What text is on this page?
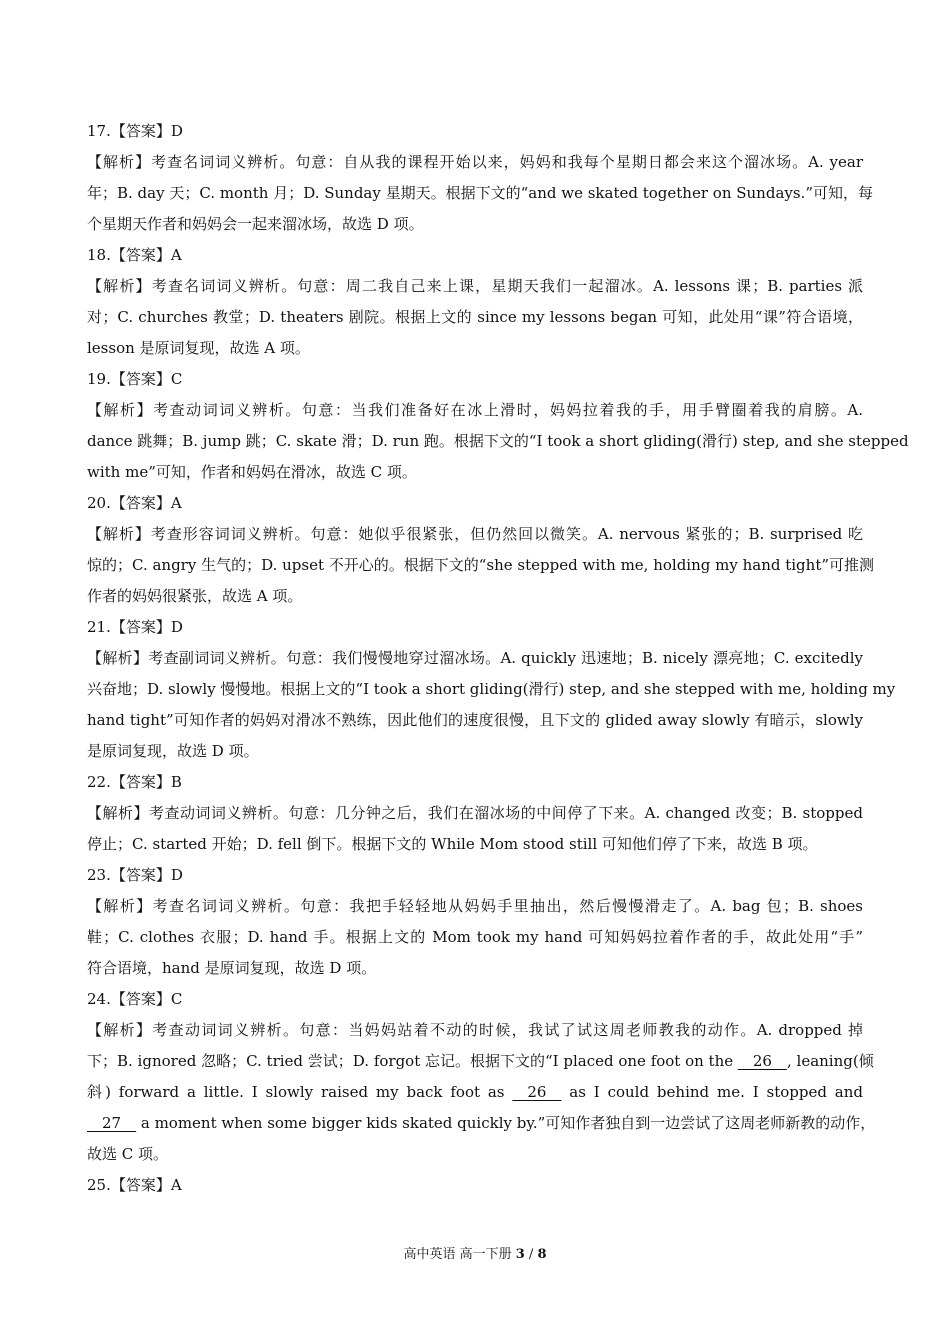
17.【答案】D
【解析】考查名词词义辨析。句意：自从我的课程开始以来，妈妈和我每个星期日都会来这个溜冰场。A. year
年；B. day 天；C. month 月；D. Sunday 星期天。根据下文的“and we skated together on Sundays.”可知，每
个星期天作者和妈妈会一起来溜冰场，故选 D 项。
18.【答案】A
【解析】考查名词词义辨析。句意：周二我自己来上课，星期天我们一起溜冰。A. lessons 课；B. parties 派
对；C. churches 教堂；D. theaters 剧院。根据上文的 since my lessons began 可知，此处用“课”符合语境，
lesson 是原词复现，故选 A 项。
19.【答案】C
【解析】考查动词词义辨析。句意：当我们准备好在冰上滑时，妈妈拉着我的手，用手臂圈着我的肩膀。A.
dance 跳舞；B. jump 跳；C. skate 滑；D. run 跑。根据下文的“I took a short gliding(滑行) step, and she stepped
with me”可知，作者和妈妈在滑冰，故选 C 项。
20.【答案】A
【解析】考查形容词词义辨析。句意：她似乎很紧张，但仍然回以微笑。A. nervous 紧张的；B. surprised 吃
惊的；C. angry 生气的；D. upset 不开心的。根据下文的“she stepped with me, holding my hand tight”可推测
作者的妈妈很紧张，故选 A 项。
21.【答案】D
【解析】考查副词词义辨析。句意：我们慢慢地穿过溜冰场。A. quickly 迅速地；B. nicely 漂亮地；C. excitedly
兴奋地；D. slowly 慢慢地。根据上文的“I took a short gliding(滑行) step, and she stepped with me, holding my
hand tight”可知作者的妈妈对滑冰不熟练，因此他们的速度很慢，且下文的 glided away slowly 有暗示，slowly
是原词复现，故选 D 项。
22.【答案】B
【解析】考查动词词义辨析。句意：几分钟之后，我们在溜冰场的中间停了下来。A. changed 改变；B. stopped
停止；C. started 开始；D. fell 倒下。根据下文的 While Mom stood still 可知他们停了下来，故选 B 项。
23.【答案】D
【解析】考查名词词义辨析。句意：我把手轻轻地从妈妈手里抽出，然后慢慢滑走了。A. bag 包；B. shoes
鞋；C. clothes 衣服；D. hand 手。根据上文的 Mom took my hand 可知妈妈拉着作者的手，故此处用“手”
符合语境，hand 是原词复现，故选 D 项。
24.【答案】C
【解析】考查动词词义辨析。句意：当妈妈站着不动的时候，我试了试这周老师教我的动作。A. dropped 掉
下；B. ignored 忽略；C. tried 尝试；D. forgot 忘记。根据下文的“I placed one foot on the __26__, leaning(倾
斜) forward a little. I slowly raised my back foot as __26__ as I could behind me. I stopped and
__27__ a moment when some bigger kids skated quickly by.”可知作者独自到一边尝试了这周老师新教的动作，
故选 C 项。
25.【答案】A
高中英语 高一下册 3 / 8
